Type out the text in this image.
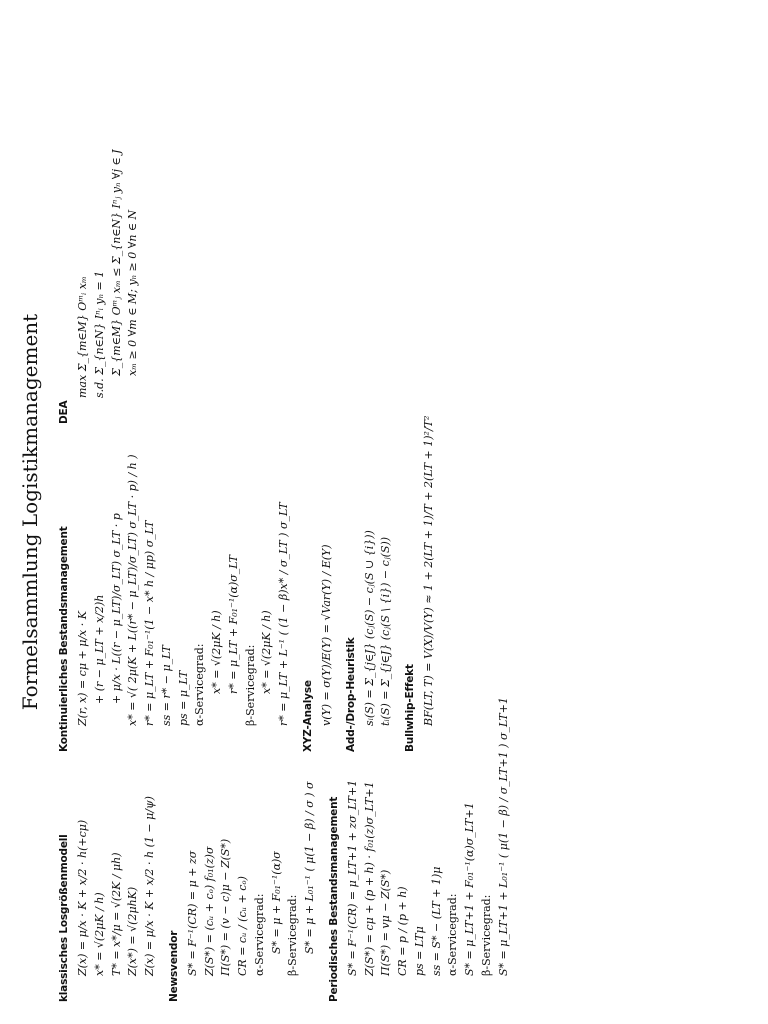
Formelsammlung Logistikmanagement
klassisches Losgrößenmodell Z(x) = μ/x · K + x/2 · h(+cμ) x* = √(2μK / h) T* = x*/μ = √(2K / μh) Z(x*) = √(2μhK) Z(x) = μ/x · K + x/2 · h (1 − μ/ψ) Newsvendor S* = F⁻¹(CR) = μ + zσ Z(S*) = (cᵤ + cₒ) f₀₁(z)σ Π(S*) = (v − c)μ − Z(S*) CR = cᵤ / (cᵤ + cₒ) α-Servicegrad: S* = μ + F₀₁⁻¹(α)σ β-Servicegrad: S* = μ + L₀₁⁻¹ ( μ(1 − β) / σ ) σ Periodisches Bestandsmanagement S* = F⁻¹(CR) = μ_LT+1 + zσ_LT+1 Z(S*) = cμ + (p + h) · f₀₁(z)σ_LT+1 Π(S*) = vμ − Z(S*) CR = p / (p + h) ps = LTμ ss = S* − (LT + 1)μ α-Servicegrad: S* = μ_LT+1 + F₀₁⁻¹(α)σ_LT+1 β-Servicegrad: S* = μ_LT+1 + L₀₁⁻¹ ( μ(1 − β) / σ_LT+1 ) σ_LT+1
Kontinuierliches Bestandsmanagement Z(r, x) = cμ + μ/x · K + (r − μ_LT + x/2)h + μ/x · L((r − μ_LT)/σ_LT) σ_LT · p x* = √( 2μ(K + L((r* − μ_LT)/σ_LT) σ_LT · p) / h ) r* = μ_LT + F₀₁⁻¹(1 − x* h / μp) σ_LT ss = r* − μ_LT ps = μ_LT α-Servicegrad: x* = √(2μK / h) r* = μ_LT + F₀₁⁻¹(α)σ_LT β-Servicegrad: x* = √(2μK / h) r* = μ_LT + L⁻¹ ( (1 − β)x* / σ_LT ) σ_LT XYZ-Analyse v(Y) = σ(Y)/E(Y) = √Var(Y) / E(Y) Add-/Drop-Heuristik sᵢ(S) = Σ_{j∈J} (cⱼ(S) − cⱼ(S ∪ {i})) tᵢ(S) = Σ_{j∈J} (cⱼ(S \ {i}) − cⱼ(S)) Bullwhip-Effekt BF(LT, T) = V(X)/V(Y) ≈ 1 + 2(LT + 1)/T + 2(LT + 1)²/T²
DEA
max Σ_{m∈M} Oᵐᵢ xₘ s.d. Σ_{n∈N} Iⁿᵢ yₙ = 1 Σ_{m∈M} Oᵐⱼ xₘ ≤ Σ_{n∈N} Iⁿⱼ yₙ ∀j ∈ J xₘ ≥ 0 ∀m ∈ M; yₙ ≥ 0 ∀n ∈ N
